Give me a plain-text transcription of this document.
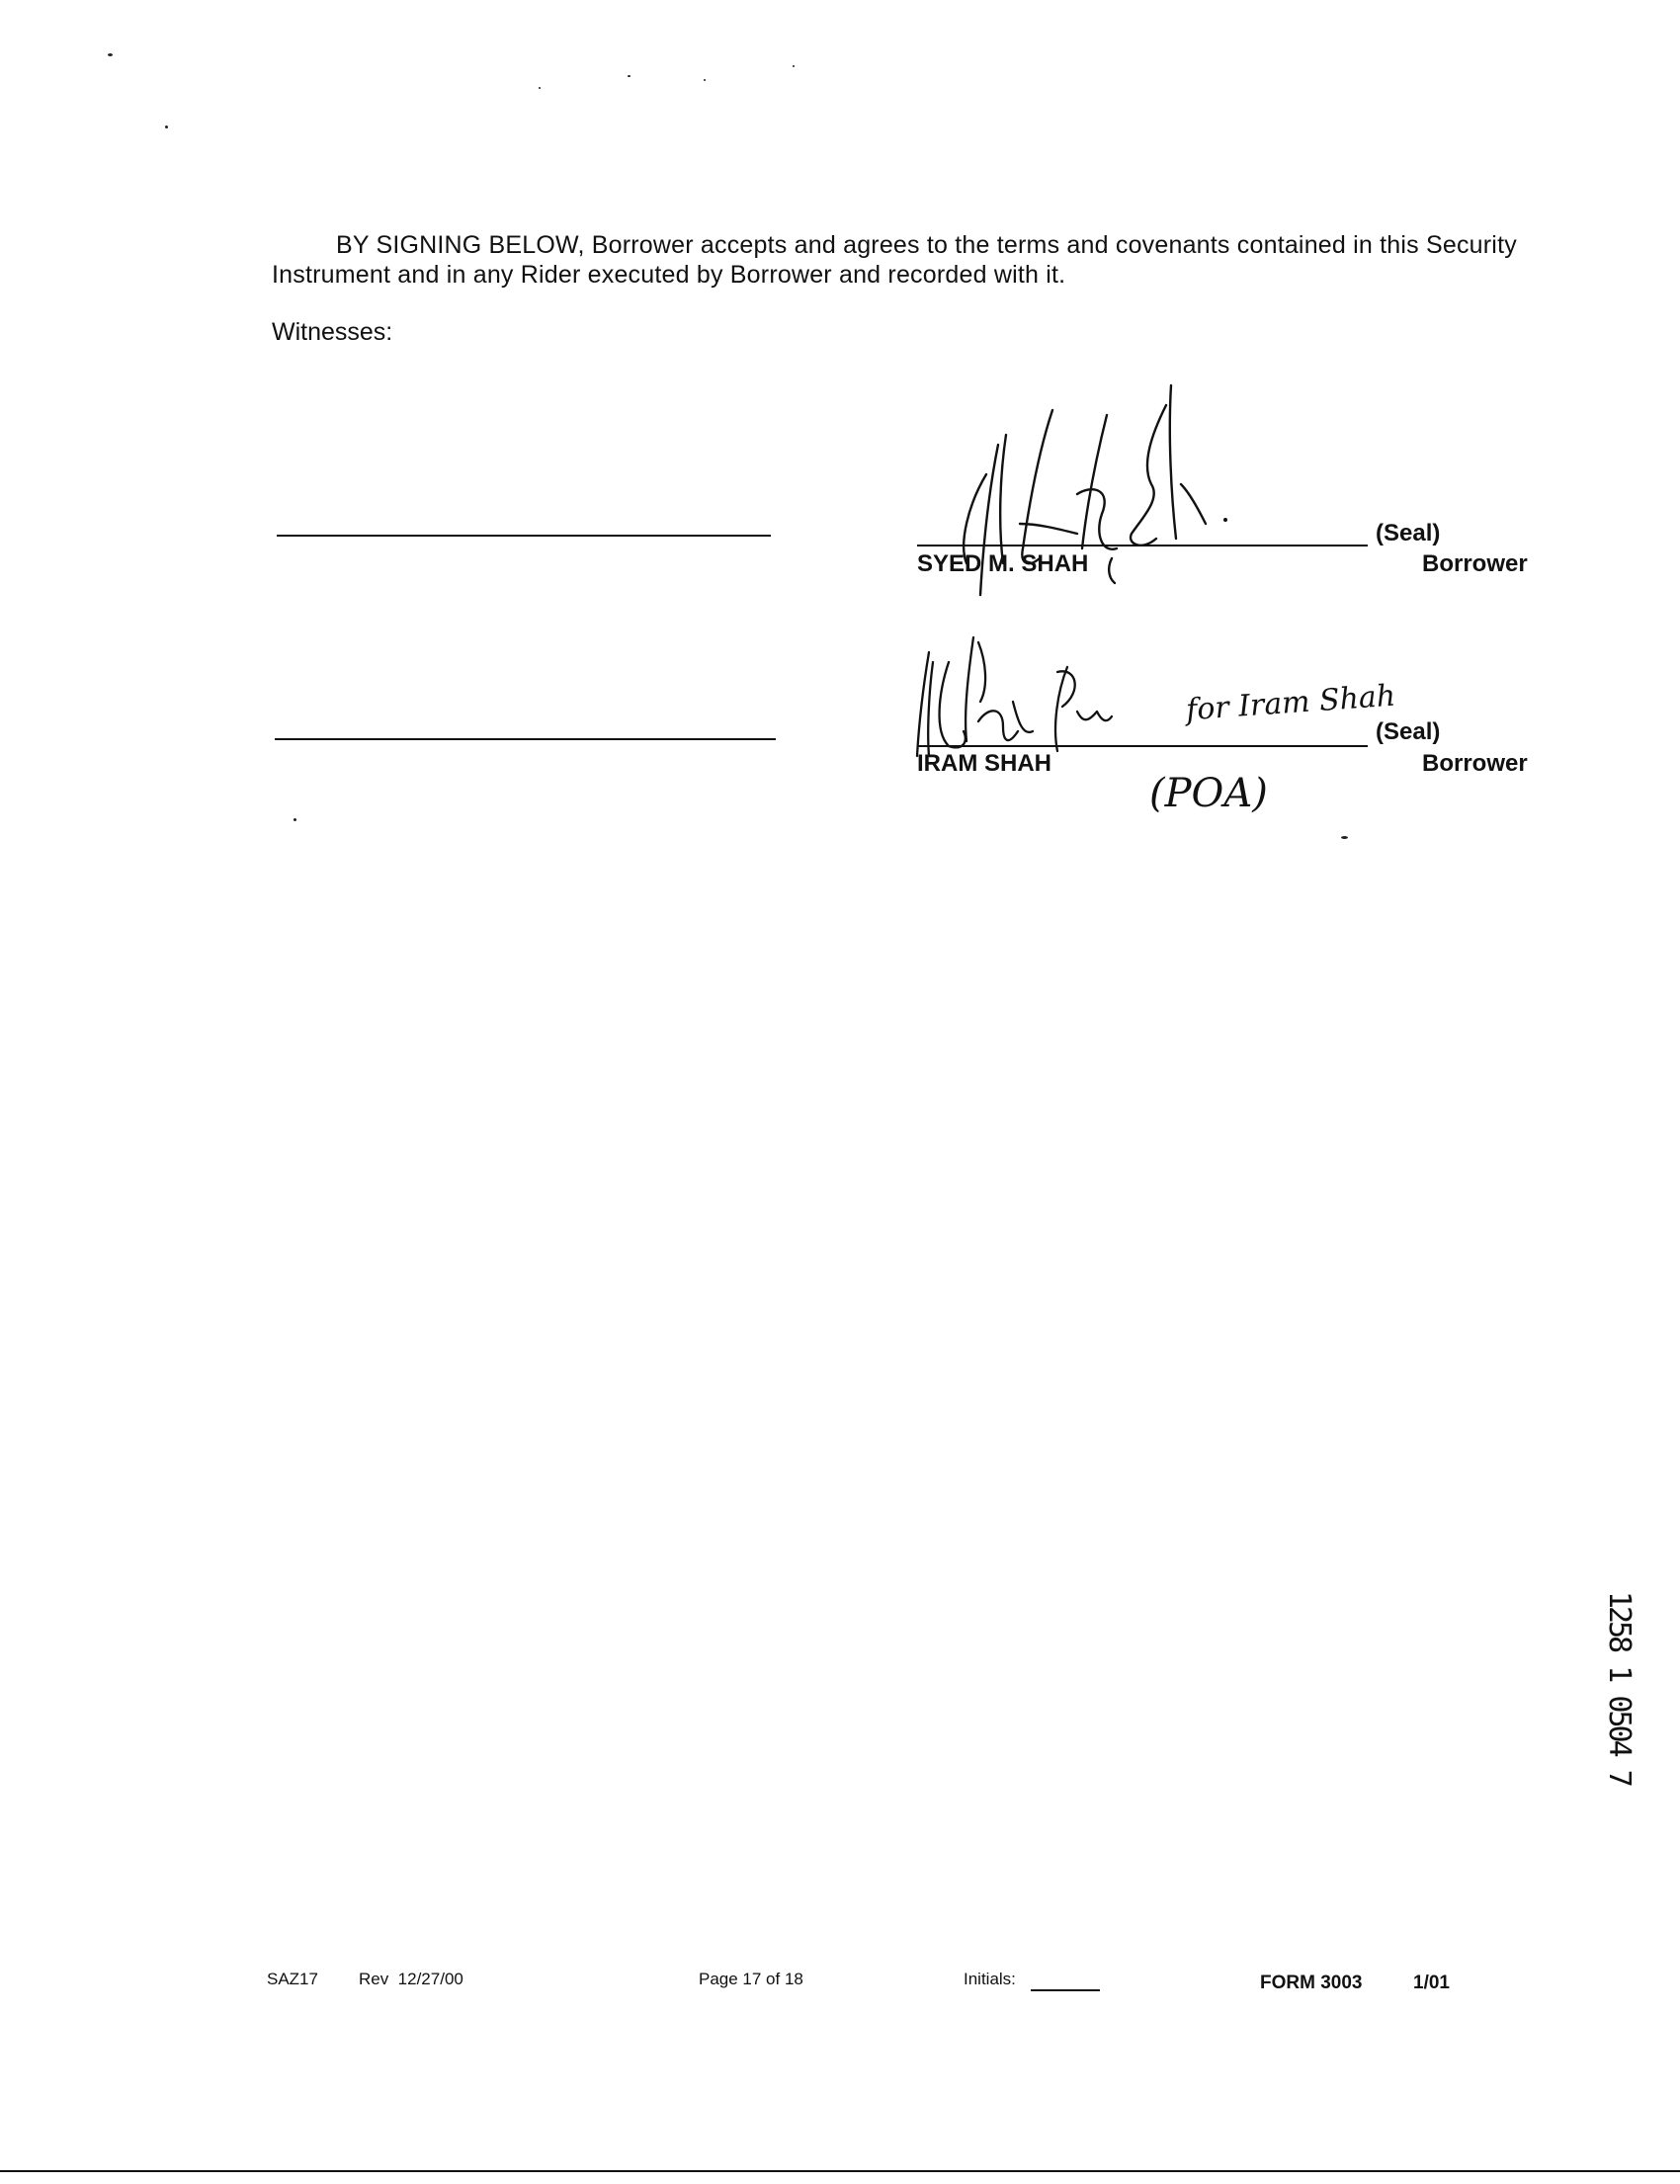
BY SIGNING BELOW, Borrower accepts and agrees to the terms and covenants contained in this Security Instrument and in any Rider executed by Borrower and recorded with it.
Witnesses:
(Seal)
SYED M. SHAH	Borrower
(Seal)
IRAM SHAH	Borrower
for Iram Shah
(POA)
1258 1 0504 7
SAZ17 Rev  12/27/00	Page 17 of 18	Initials:	FORM 3003	1/01
